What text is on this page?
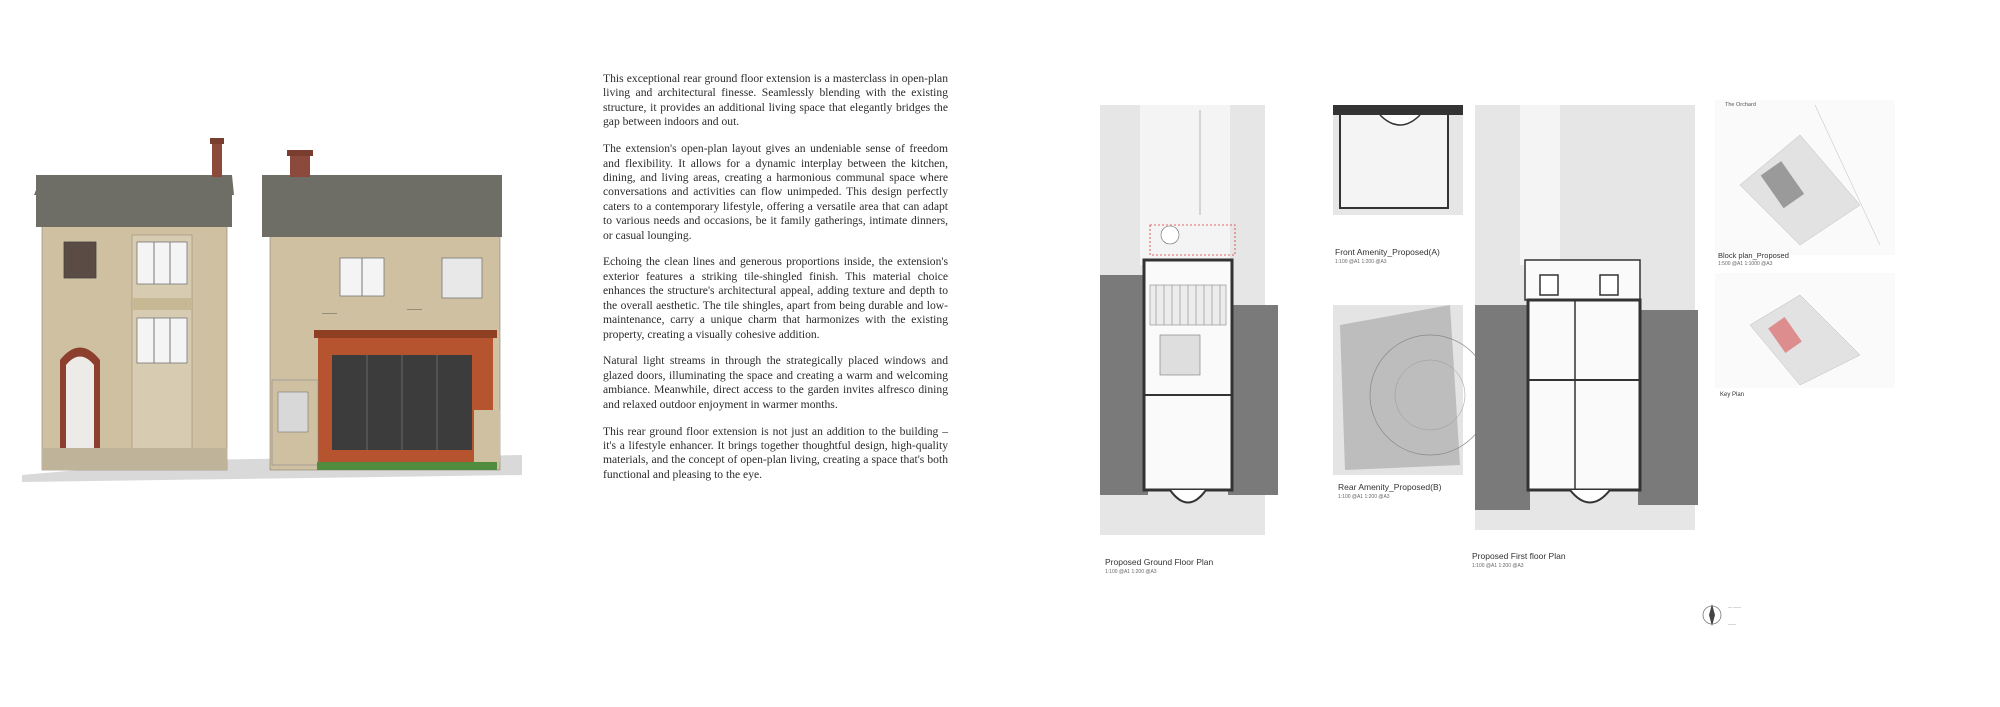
———
———

This exceptional rear ground floor extension is a masterclass in open-plan living and architectural finesse. Seamlessly blending with the existing structure, it provides an additional living space that elegantly bridges the gap between indoors and out.

The extension's open-plan layout gives an undeniable sense of freedom and flexibility. It allows for a dynamic interplay between the kitchen, dining, and living areas, creating a harmonious communal space where conversations and activities can flow unimpeded. This design perfectly caters to a contemporary lifestyle, offering a versatile area that can adapt to various needs and occasions, be it family gatherings, intimate dinners, or casual lounging.

Echoing the clean lines and generous proportions inside, the extension's exterior features a striking tile-shingled finish. This material choice enhances the structure's architectural appeal, adding texture and depth to the overall aesthetic. The tile shingles, apart from being durable and low-maintenance, carry a unique charm that harmonizes with the existing property, creating a visually cohesive addition.

Natural light streams in through the strategically placed windows and glazed doors, illuminating the space and creating a warm and welcoming ambiance. Meanwhile, direct access to the garden invites alfresco dining and relaxed outdoor enjoyment in warmer months.

This rear ground floor extension is not just an addition to the building – it's a lifestyle enhancer. It brings together thoughtful design, high-quality materials, and the concept of open-plan living, creating a space that's both functional and pleasing to the eye.

— ——
——
Proposed Ground Floor Plan
1:100 @A1 1:200 @A3
Front Amenity_Proposed(A)
1:100 @A1 1:200 @A3
Rear Amenity_Proposed(B)
1:100 @A1 1:200 @A3
Proposed First floor Plan
1:100 @A1 1:200 @A3
The Orchard
Block plan_Proposed
1:500 @A1 1:1000 @A3
Key Plan
